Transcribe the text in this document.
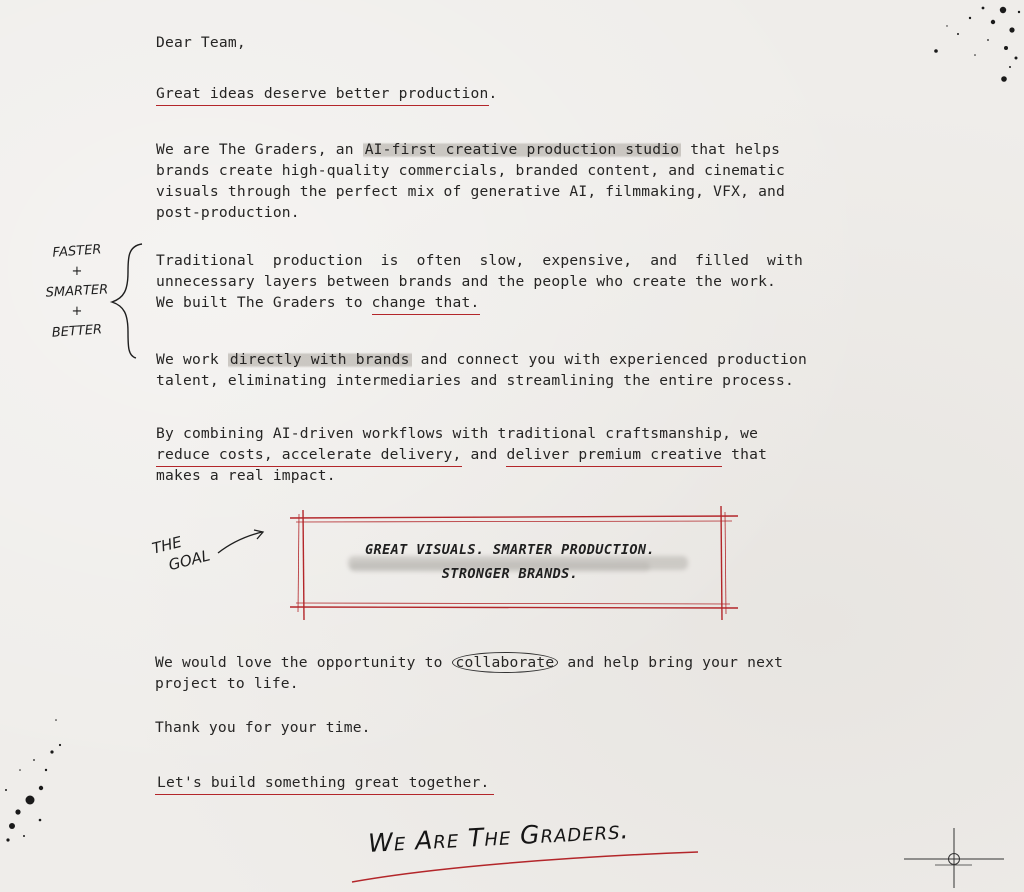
Dear Team,
Great ideas deserve better production.
We are The Graders, an AI-first creative production studio that helps
brands create high-quality commercials, branded content, and cinematic
visuals through the perfect mix of generative AI, filmmaking, VFX, and
post-production.
FASTER
+
SMARTER
+
BETTER
Traditional  production  is  often  slow,  expensive,  and  filled  with
unnecessary layers between brands and the people who create the work.
We built The Graders to change that.
We work directly with brands and connect you with experienced production
talent, eliminating intermediaries and streamlining the entire process.
By combining AI-driven workflows with traditional craftsmanship, we
reduce costs, accelerate delivery, and deliver premium creative that
makes a real impact.
THE
GOAL	GREAT VISUALS. SMARTER PRODUCTION.
STRONGER BRANDS.
We would love the opportunity to collaborate and help bring your next
project to life.
Thank you for your time.
Let's build something great together.
We Are The Graders.
